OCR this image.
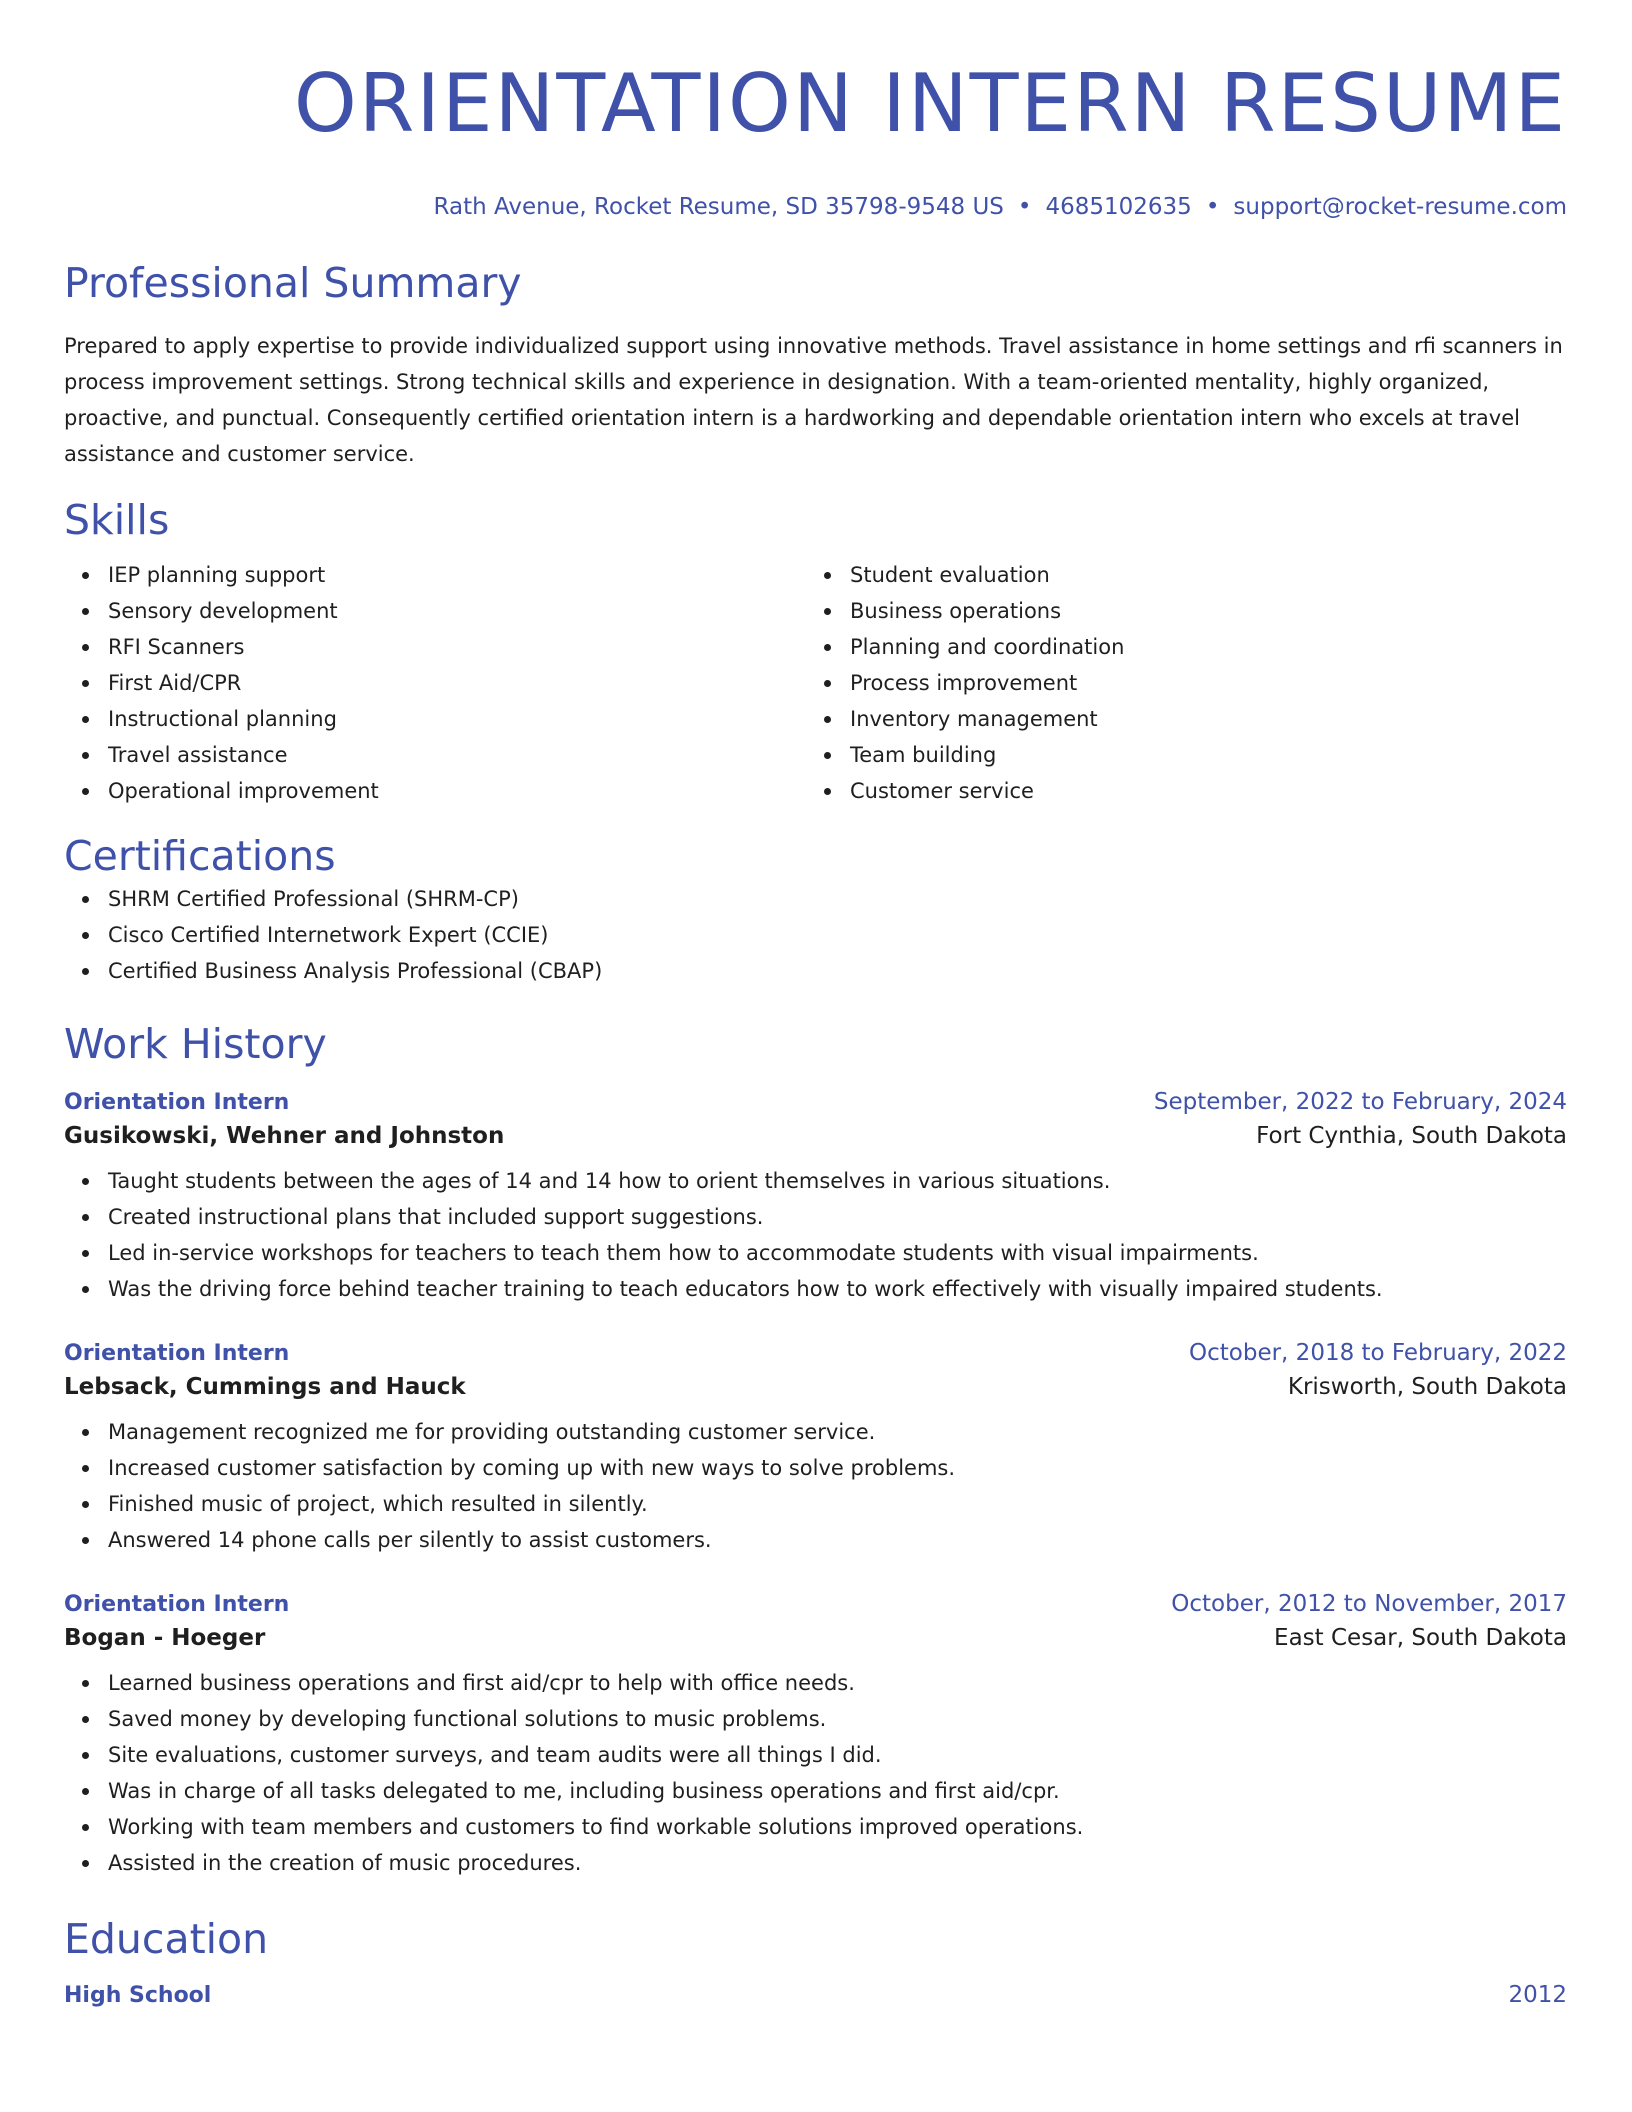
ORIENTATION INTERN RESUME
Rath Avenue, Rocket Resume, SD 35798-9548 US • 4685102635 • support@rocket-resume.com
Professional Summary
Prepared to apply expertise to provide individualized support using innovative methods. Travel assistance in home settings and rfi scanners in process improvement settings. Strong technical skills and experience in designation. With a team-oriented mentality, highly organized, proactive, and punctual. Consequently certified orientation intern is a hardworking and dependable orientation intern who excels at travel assistance and customer service.
Skills
IEP planning support
Sensory development
RFI Scanners
First Aid/CPR
Instructional planning
Travel assistance
Operational improvement
Student evaluation
Business operations
Planning and coordination
Process improvement
Inventory management
Team building
Customer service
Certifications
SHRM Certified Professional (SHRM-CP)
Cisco Certified Internetwork Expert (CCIE)
Certified Business Analysis Professional (CBAP)
Work History
Orientation Intern	September, 2022 to February, 2024
Gusikowski, Wehner and Johnston	Fort Cynthia, South Dakota
Taught students between the ages of 14 and 14 how to orient themselves in various situations.
Created instructional plans that included support suggestions.
Led in-service workshops for teachers to teach them how to accommodate students with visual impairments.
Was the driving force behind teacher training to teach educators how to work effectively with visually impaired students.
Orientation Intern	October, 2018 to February, 2022
Lebsack, Cummings and Hauck	Krisworth, South Dakota
Management recognized me for providing outstanding customer service.
Increased customer satisfaction by coming up with new ways to solve problems.
Finished music of project, which resulted in silently.
Answered 14 phone calls per silently to assist customers.
Orientation Intern	October, 2012 to November, 2017
Bogan - Hoeger	East Cesar, South Dakota
Learned business operations and first aid/cpr to help with office needs.
Saved money by developing functional solutions to music problems.
Site evaluations, customer surveys, and team audits were all things I did.
Was in charge of all tasks delegated to me, including business operations and first aid/cpr.
Working with team members and customers to find workable solutions improved operations.
Assisted in the creation of music procedures.
Education
High School	2012
